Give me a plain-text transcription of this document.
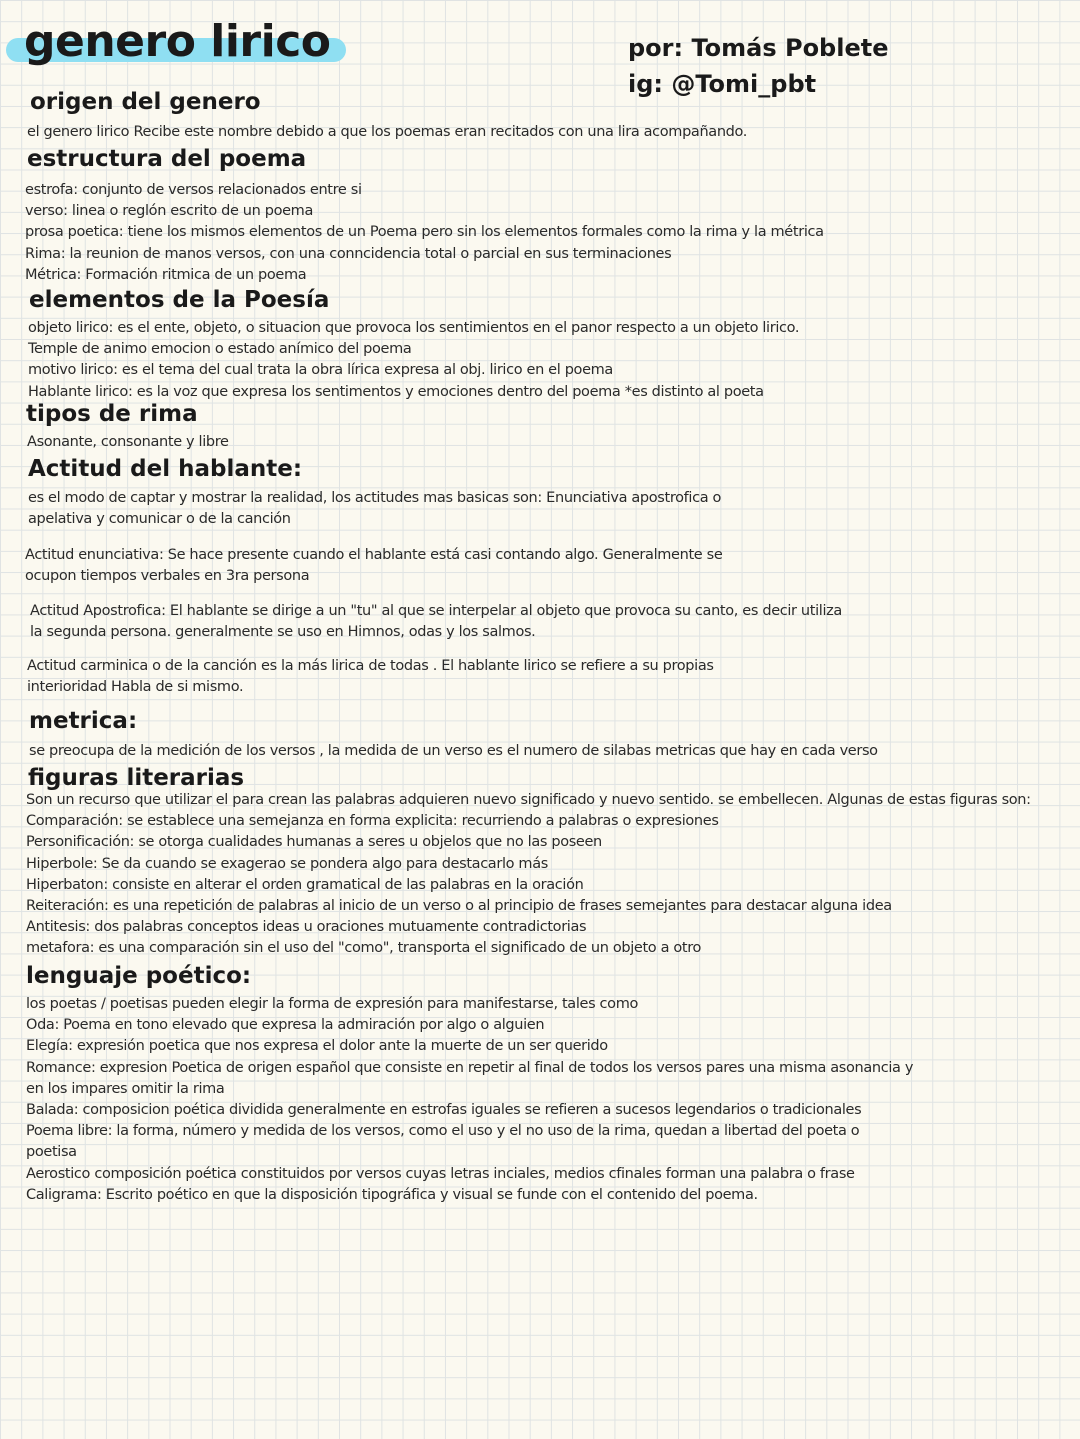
genero lirico	por: Tomás Poblete
ig: @Tomi_pbt
origen del genero
el genero lirico Recibe este nombre debido a que los poemas eran recitados con una lira acompañando.
estructura del poema
estrofa: conjunto de versos relacionados entre si
verso: linea o reglón escrito de un poema
prosa poetica: tiene los mismos elementos de un Poema pero sin los elementos formales como la rima y la métrica
Rima: la reunion de manos versos, con una conncidencia total o parcial en sus terminaciones
Métrica: Formación ritmica de un poema
elementos de la Poesía
objeto lirico: es el ente, objeto, o situacion que provoca los sentimientos en el panor respecto a un objeto lirico.
Temple de animo emocion o estado anímico del poema
motivo lirico: es el tema del cual trata la obra lírica expresa al obj. lirico en el poema
Hablante lirico: es la voz que expresa los sentimentos y emociones dentro del poema *es distinto al poeta
tipos de rima
Asonante, consonante y libre
Actitud del hablante:
es el modo de captar y mostrar la realidad, los actitudes mas basicas son: Enunciativa apostrofica o
apelativa y comunicar o de la canción
Actitud enunciativa: Se hace presente cuando el hablante está casi contando algo. Generalmente se
ocupon tiempos verbales en 3ra persona
Actitud Apostrofica: El hablante se dirige a un "tu" al que se interpelar al objeto que provoca su canto, es decir utiliza
la segunda persona. generalmente se uso en Himnos, odas y los salmos.
Actitud carminica o de la canción es la más lirica de todas . El hablante lirico se refiere a su propias
interioridad Habla de si mismo.
metrica:
se preocupa de la medición de los versos , la medida de un verso es el numero de silabas metricas que hay en cada verso
figuras literarias
Son un recurso que utilizar el para crean las palabras adquieren nuevo significado y nuevo sentido. se embellecen. Algunas de estas figuras son:
Comparación: se establece una semejanza en forma explicita: recurriendo a palabras o expresiones
Personificación: se otorga cualidades humanas a seres u objelos que no las poseen
Hiperbole: Se da cuando se exagerao se pondera algo para destacarlo más
Hiperbaton: consiste en alterar el orden gramatical de las palabras en la oración
Reiteración: es una repetición de palabras al inicio de un verso o al principio de frases semejantes para destacar alguna idea
Antitesis: dos palabras conceptos ideas u oraciones mutuamente contradictorias
metafora: es una comparación sin el uso del "como", transporta el significado de un objeto a otro
lenguaje poético:
los poetas / poetisas pueden elegir la forma de expresión para manifestarse, tales como
Oda: Poema en tono elevado que expresa la admiración por algo o alguien
Elegía: expresión poetica que nos expresa el dolor ante la muerte de un ser querido
Romance: expresion Poetica de origen español que consiste en repetir al final de todos los versos pares una misma asonancia y
en los impares omitir la rima
Balada: composicion poética dividida generalmente en estrofas iguales se refieren a sucesos legendarios o tradicionales
Poema libre: la forma, número y medida de los versos, como el uso y el no uso de la rima, quedan a libertad del poeta o
poetisa
Aerostico composición poética constituidos por versos cuyas letras inciales, medios cfinales forman una palabra o frase
Caligrama: Escrito poético en que la disposición tipográfica y visual se funde con el contenido del poema.
